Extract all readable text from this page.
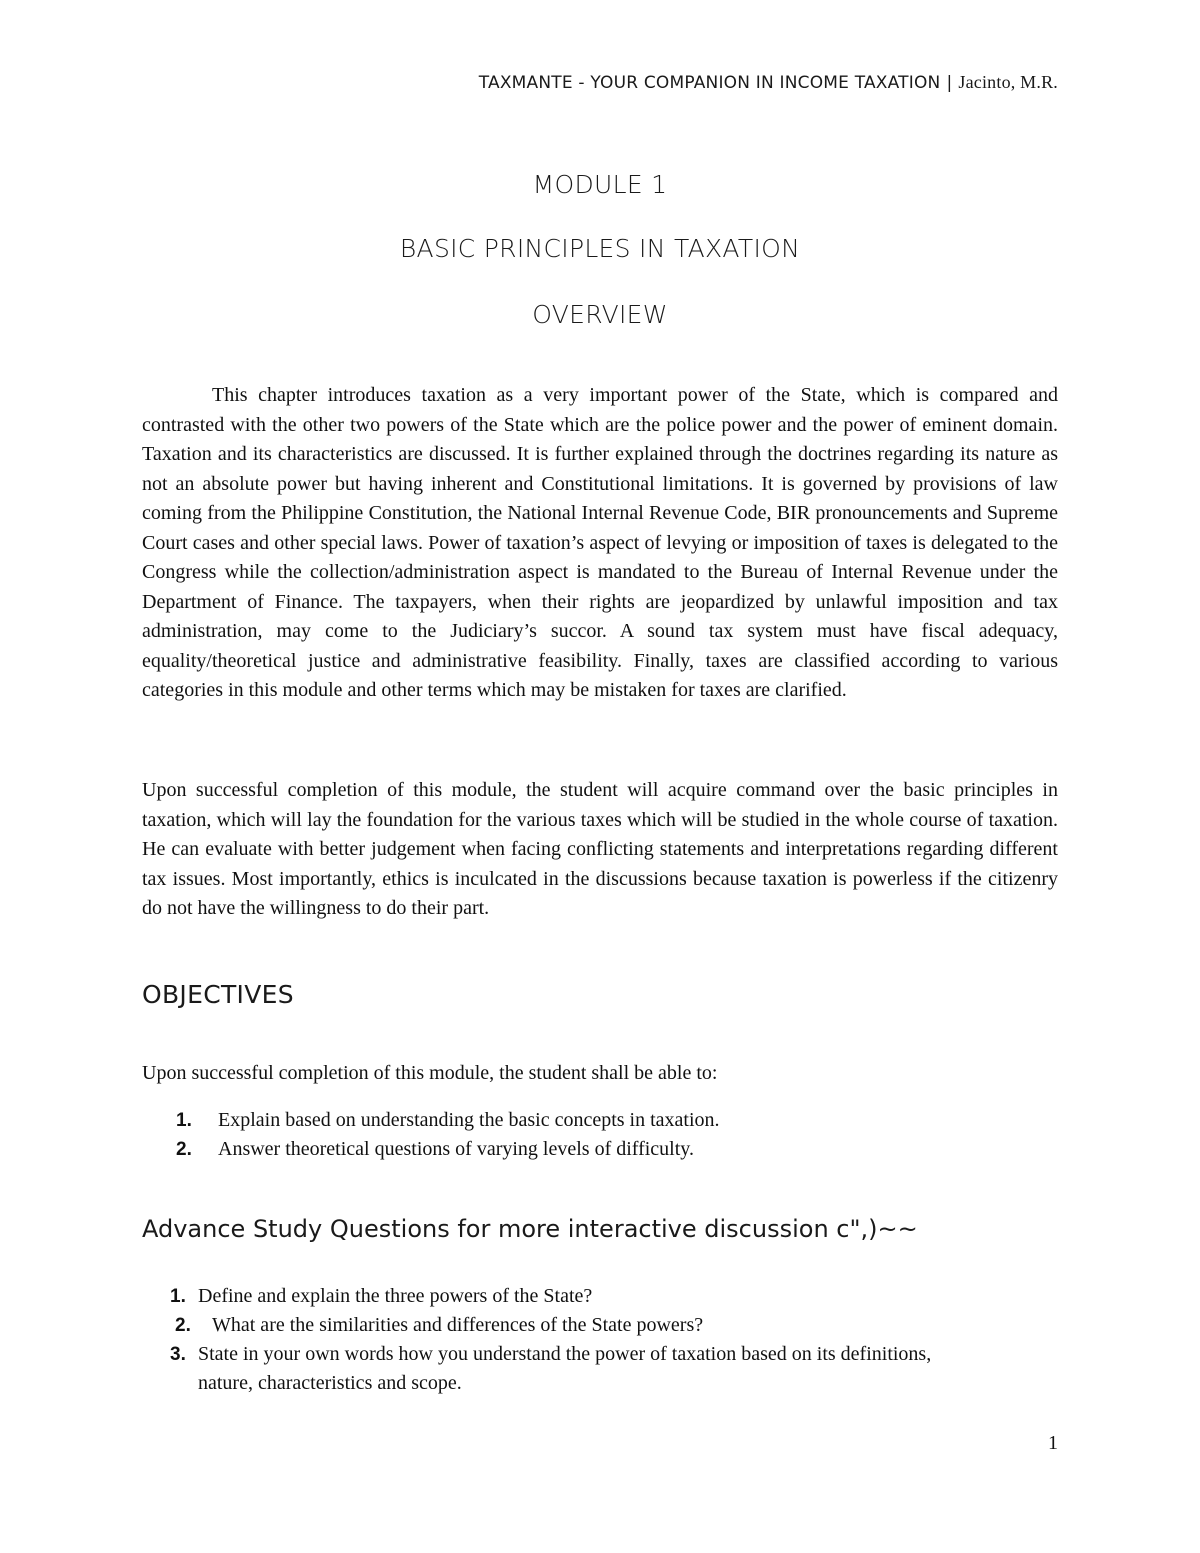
TAXMANTE - YOUR COMPANION IN INCOME TAXATION | Jacinto, M.R.
MODULE 1
BASIC PRINCIPLES IN TAXATION
OVERVIEW

This chapter introduces taxation as a very important power of the State, which is compared and contrasted with the other two powers of the State which are the police power and the power of eminent domain. Taxation and its characteristics are discussed. It is further explained through the doctrines regarding its nature as not an absolute power but having inherent and Constitutional limitations. It is governed by provisions of law coming from the Philippine Constitution, the National Internal Revenue Code, BIR pronouncements and Supreme Court cases and other special laws. Power of taxation’s aspect of levying or imposition of taxes is delegated to the Congress while the collection/administration aspect is mandated to the Bureau of Internal Revenue under the Department of Finance. The taxpayers, when their rights are jeopardized by unlawful imposition and tax administration, may come to the Judiciary’s succor. A sound tax system must have fiscal adequacy, equality/theoretical justice and administrative feasibility. Finally, taxes are classified according to various categories in this module and other terms which may be mistaken for taxes are clarified.

Upon successful completion of this module, the student will acquire command over the basic principles in taxation, which will lay the foundation for the various taxes which will be studied in the whole course of taxation. He can evaluate with better judgement when facing conflicting statements and interpretations regarding different tax issues. Most importantly, ethics is inculcated in the discussions because taxation is powerless if the citizenry do not have the willingness to do their part.

OBJECTIVES

Upon successful completion of this module, the student shall be able to:

1. Explain based on understanding the basic concepts in taxation.
2. Answer theoretical questions of varying levels of difficulty.
Advance Study Questions for more interactive discussion c",)~~
1. Define and explain the three powers of the State?
2. What are the similarities and differences of the State powers?
3. State in your own words how you understand the power of taxation based on its definitions, nature, characteristics and scope.
1
